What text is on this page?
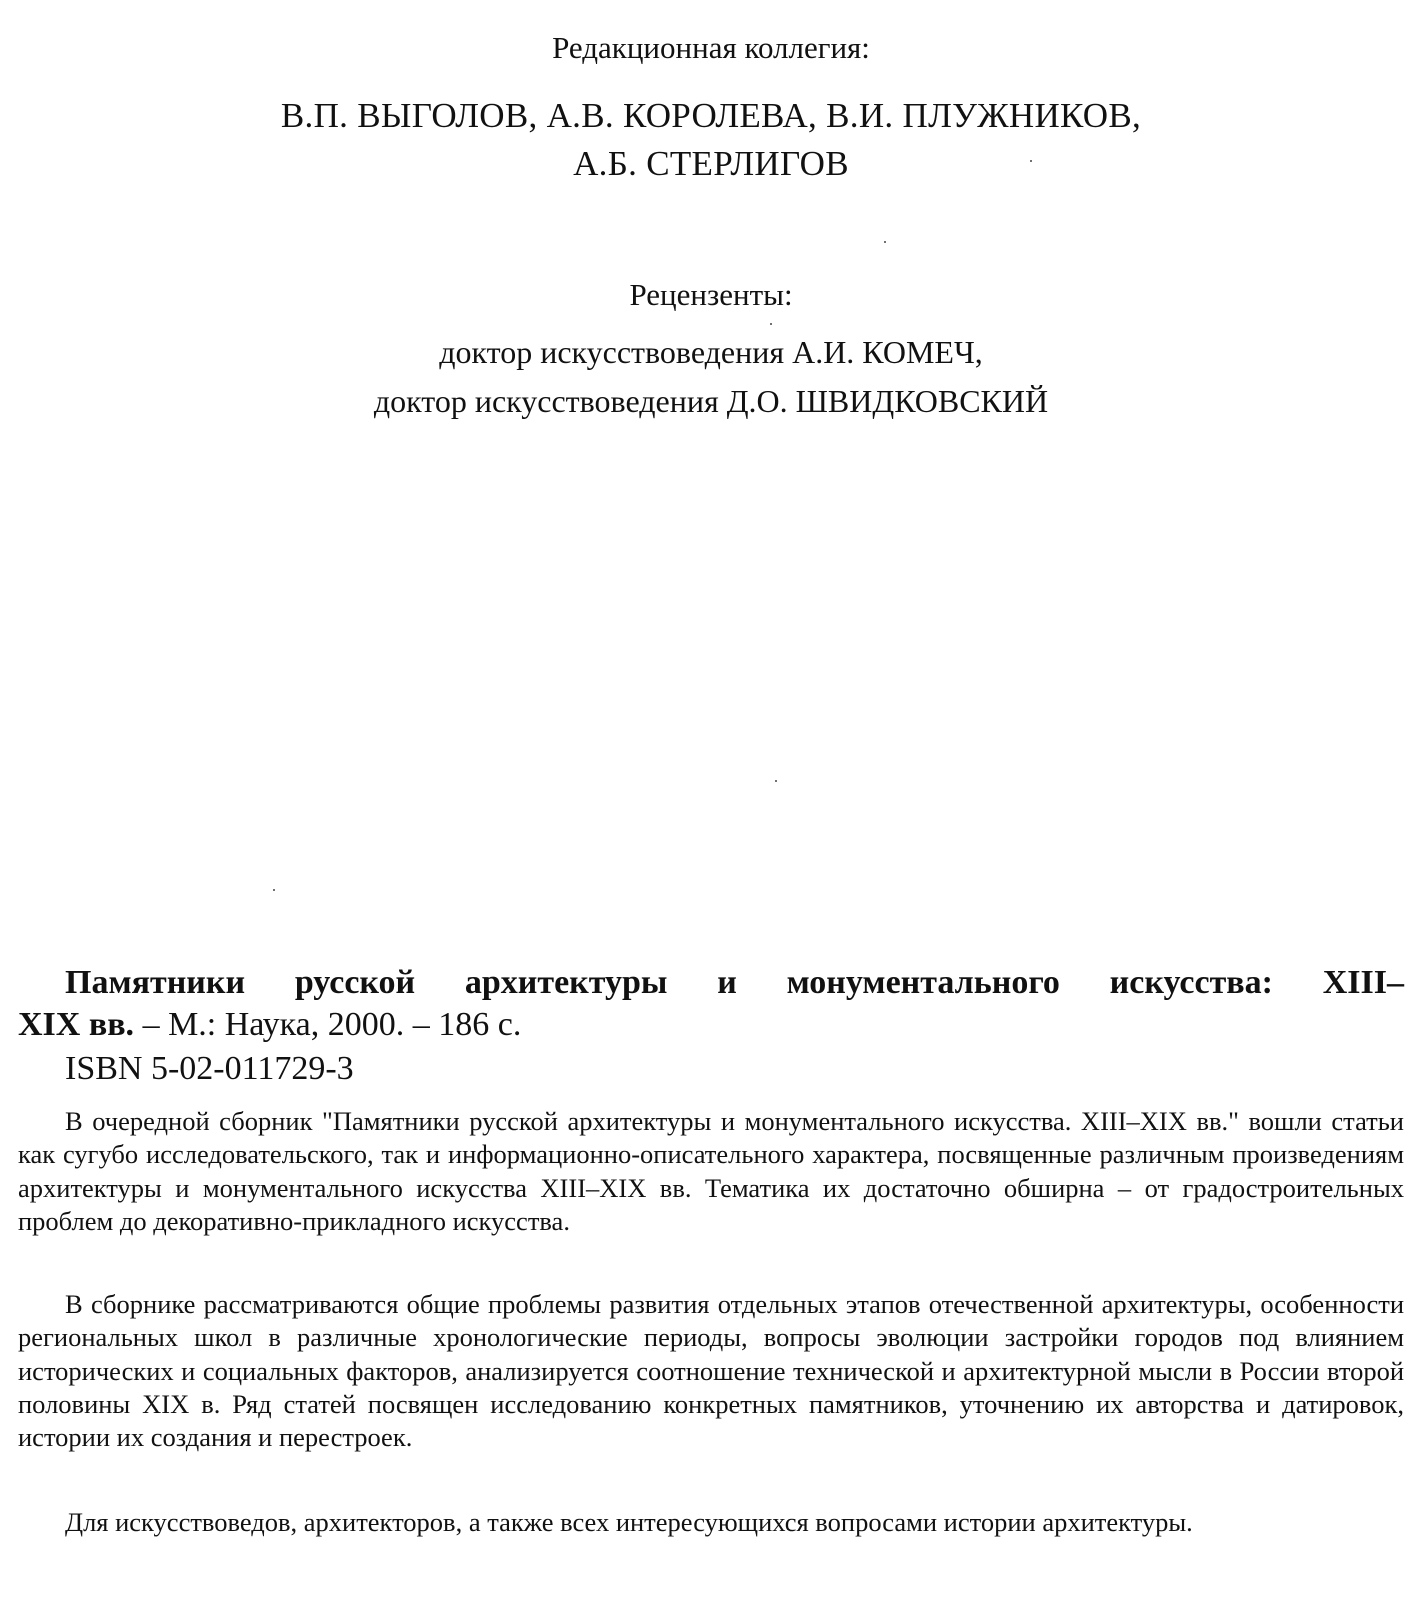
Редакционная коллегия:
В.П. ВЫГОЛОВ, А.В. КОРОЛЕВА, В.И. ПЛУЖНИКОВ,
А.Б. СТЕРЛИГОВ
Рецензенты:
доктор искусствоведения А.И. КОМЕЧ,
доктор искусствоведения Д.О. ШВИДКОВСКИЙ
Памятники русской архитектуры и монументального искусства: XIII–
XIX вв. – М.: Наука, 2000. – 186 с.
ISBN 5-02-011729-3

В очередной сборник "Памятники русской архитектуры и монументального искусства. XIII–XIX вв." вошли статьи как сугубо исследовательского, так и информационно-описательного характера, посвященные различным произведениям архитектуры и монументального искусства XIII–XIX вв. Тематика их достаточно обширна – от градостроительных проблем до декоративно-прикладного искусства.

В сборнике рассматриваются общие проблемы развития отдельных этапов отечественной архитектуры, особенности региональных школ в различные хронологические периоды, вопросы эволюции застройки городов под влиянием исторических и социальных факторов, анализируется соотношение технической и архитектурной мысли в России второй половины XIX в. Ряд статей посвящен исследованию конкретных памятников, уточнению их авторства и датировок, истории их создания и перестроек.

Для искусствоведов, архитекторов, а также всех интересующихся вопросами истории архитектуры.
